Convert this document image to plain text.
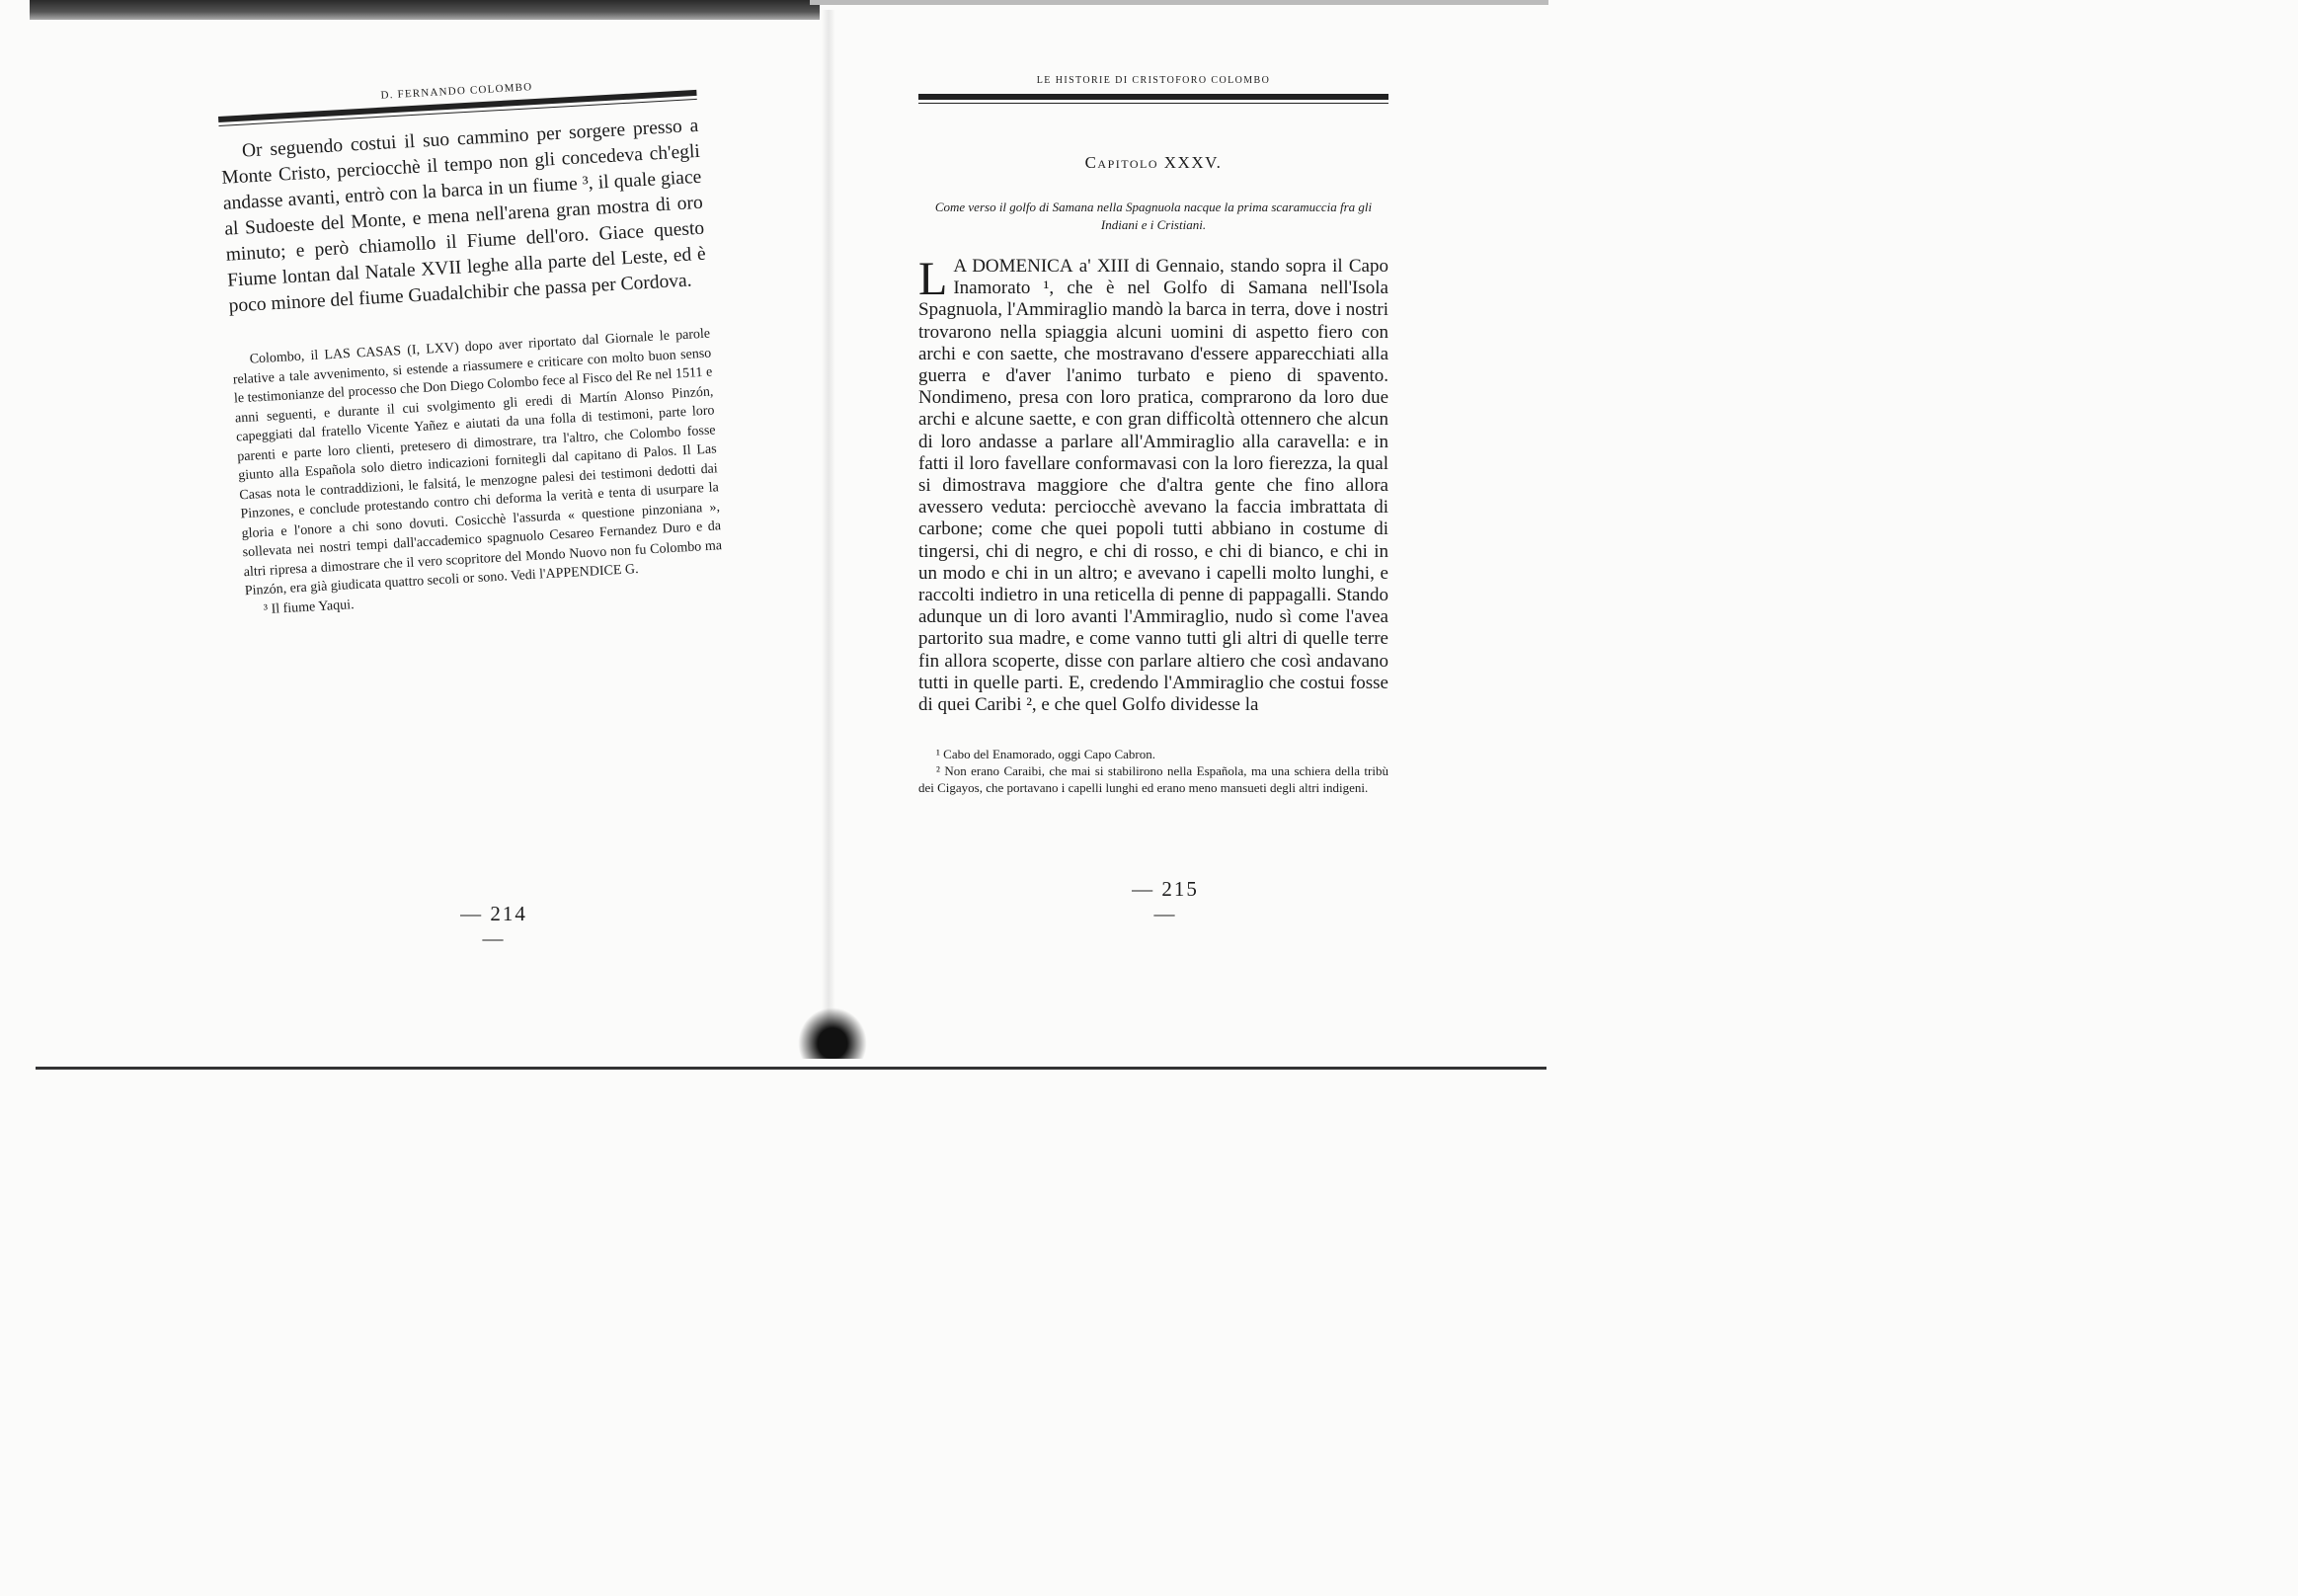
D. FERNANDO COLOMBO

Or seguendo costui il suo cammino per sorgere presso a Monte Cristo, perciocchè il tempo non gli concedeva ch'egli andasse avanti, entrò con la barca in un fiume ³, il quale giace al Sudoeste del Monte, e mena nell'arena gran mostra di oro minuto; e però chiamollo il Fiume dell'oro. Giace questo Fiume lontan dal Natale XVII leghe alla parte del Leste, ed è poco minore del fiume Guadalchibir che passa per Cordova.

Colombo, il LAS CASAS (I, LXV) dopo aver riportato dal Giornale le parole relative a tale avvenimento, si estende a riassumere e criticare con molto buon senso le testimonianze del processo che Don Diego Colombo fece al Fisco del Re nel 1511 e anni seguenti, e durante il cui svolgimento gli eredi di Martín Alonso Pinzón, capeggiati dal fratello Vicente Yañez e aiutati da una folla di testimoni, parte loro parenti e parte loro clienti, pretesero di dimostrare, tra l'altro, che Colombo fosse giunto alla Española solo dietro indicazioni fornitegli dal capitano di Palos. Il Las Casas nota le contraddizioni, le falsitá, le menzogne palesi dei testimoni dedotti dai Pinzones, e conclude protestando contro chi deforma la verità e tenta di usurpare la gloria e l'onore a chi sono dovuti. Cosicchè l'assurda « questione pinzoniana », sollevata nei nostri tempi dall'accademico spagnuolo Cesareo Fernandez Duro e da altri ripresa a dimostrare che il vero scopritore del Mondo Nuovo non fu Colombo ma Pinzón, era già giudicata quattro secoli or sono. Vedi l'APPENDICE G.

³ Il fiume Yaqui.

— 214 —
LE HISTORIE DI CRISTOFORO COLOMBO
Capitolo XXXV.
Come verso il golfo di Samana nella Spagnuola nacque la prima scaramuccia fra gli Indiani e i Cristiani.
L A DOMENICA a' XIII di Gennaio, stando sopra il Capo Inamorato ¹, che è nel Golfo di Samana nell'Isola Spagnuola, l'Ammiraglio mandò la barca in terra, dove i nostri trovarono nella spiaggia alcuni uomini di aspetto fiero con archi e con saette, che mostravano d'essere apparecchiati alla guerra e d'aver l'animo turbato e pieno di spavento. Nondimeno, presa con loro pratica, comprarono da loro due archi e alcune saette, e con gran difficoltà ottennero che alcun di loro andasse a parlare all'Ammiraglio alla caravella: e in fatti il loro favellare conformavasi con la loro fierezza, la qual si dimostrava maggiore che d'altra gente che fino allora avessero veduta: perciocchè avevano la faccia imbrattata di carbone; come che quei popoli tutti abbiano in costume di tingersi, chi di negro, e chi di rosso, e chi di bianco, e chi in un modo e chi in un altro; e avevano i capelli molto lunghi, e raccolti indietro in una reticella di penne di pappagalli. Stando adunque un di loro avanti l'Ammiraglio, nudo sì come l'avea partorito sua madre, e come vanno tutti gli altri di quelle terre fin allora scoperte, disse con parlare altiero che così andavano tutti in quelle parti. E, credendo l'Ammiraglio che costui fosse di quei Caribi ², e che quel Golfo dividesse la

¹ Cabo del Enamorado, oggi Capo Cabron.

² Non erano Caraibi, che mai si stabilirono nella Española, ma una schiera della tribù dei Cigayos, che portavano i capelli lunghi ed erano meno mansueti degli altri indigeni.

— 215 —
